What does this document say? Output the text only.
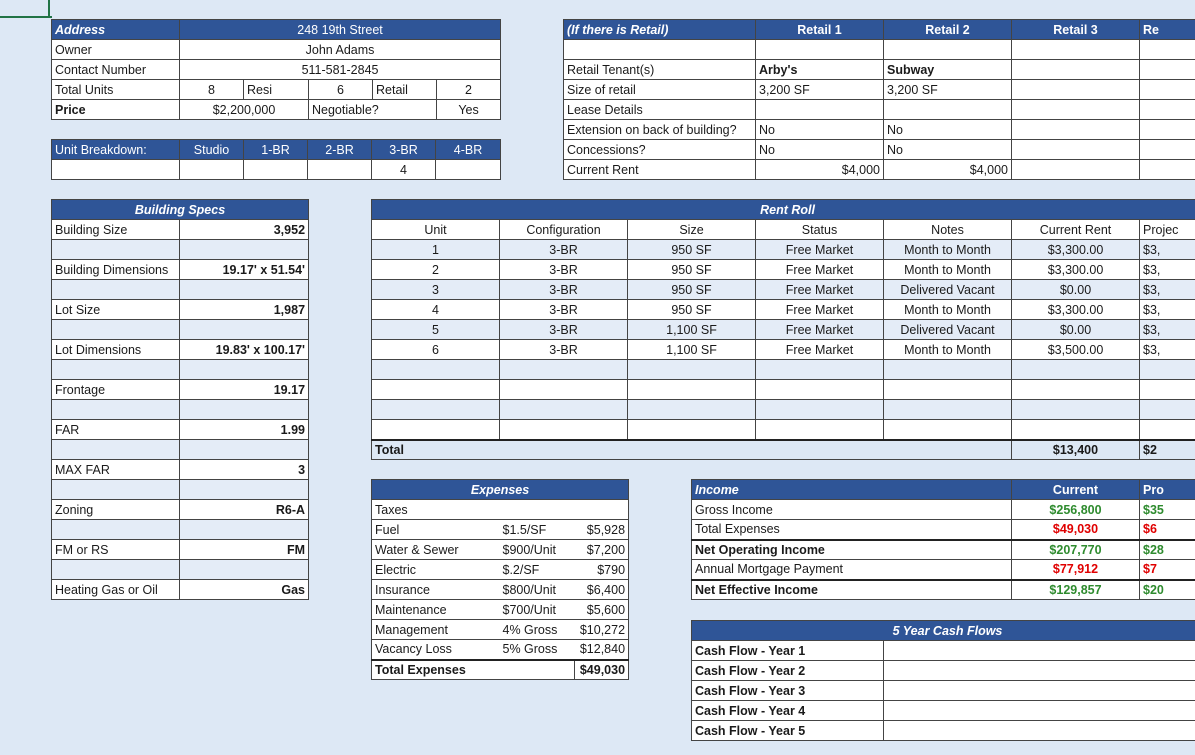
Address	248 19th Street				
Owner	John Adams				
Contact Number	511-581-2845				
Total Units	8	Resi	6	Retail	2
Price	$2,200,000		Negotiable?		Yes
Unit Breakdown:	Studio	1-BR	2-BR	3-BR	4-BR
				4	
(If there is Retail)	Retail 1	Retail 2	Retail 3	Re

Retail Tenant(s)	Arby's	Subway		
Size of retail	3,200 SF	3,200 SF		
Lease Details				
Extension on back of building?	No	No		
Concessions?	No	No		
Current Rent	$4,000	$4,000		
Building Specs	
Building Size	3,952

Building Dimensions	19.17' x 51.54'

Lot Size	1,987

Lot Dimensions	19.83' x 100.17'

Frontage	19.17

FAR	1.99

MAX FAR	3

Zoning	R6-A

FM or RS	FM

Heating Gas or Oil	Gas
Rent Roll						
Unit	Configuration	Size	Status	Notes	Current Rent	Projec
1	3-BR	950 SF	Free Market	Month to Month	$3,300.00	$3,
2	3-BR	950 SF	Free Market	Month to Month	$3,300.00	$3,
3	3-BR	950 SF	Free Market	Delivered Vacant	$0.00	$3,
4	3-BR	950 SF	Free Market	Month to Month	$3,300.00	$3,
5	3-BR	1,100 SF	Free Market	Delivered Vacant	$0.00	$3,
6	3-BR	1,100 SF	Free Market	Month to Month	$3,500.00	$3,

Total					$13,400	$2
Expenses		
Taxes		
Fuel	$1.5/SF	$5,928
Water & Sewer	$900/Unit	$7,200
Electric	$.2/SF	$790
Insurance	$800/Unit	$6,400
Maintenance	$700/Unit	$5,600
Management	4% Gross	$10,272
Vacancy Loss	5% Gross	$12,840
Total Expenses		$49,030
Income	Current	Pro
Gross Income	$256,800	$35
Total Expenses	$49,030	$6
Net Operating Income	$207,770	$28
Annual Mortgage Payment	$77,912	$7
Net Effective Income	$129,857	$20
5 Year Cash Flows	
Cash Flow - Year 1	
Cash Flow - Year 2	
Cash Flow - Year 3	
Cash Flow - Year 4	
Cash Flow - Year 5	
